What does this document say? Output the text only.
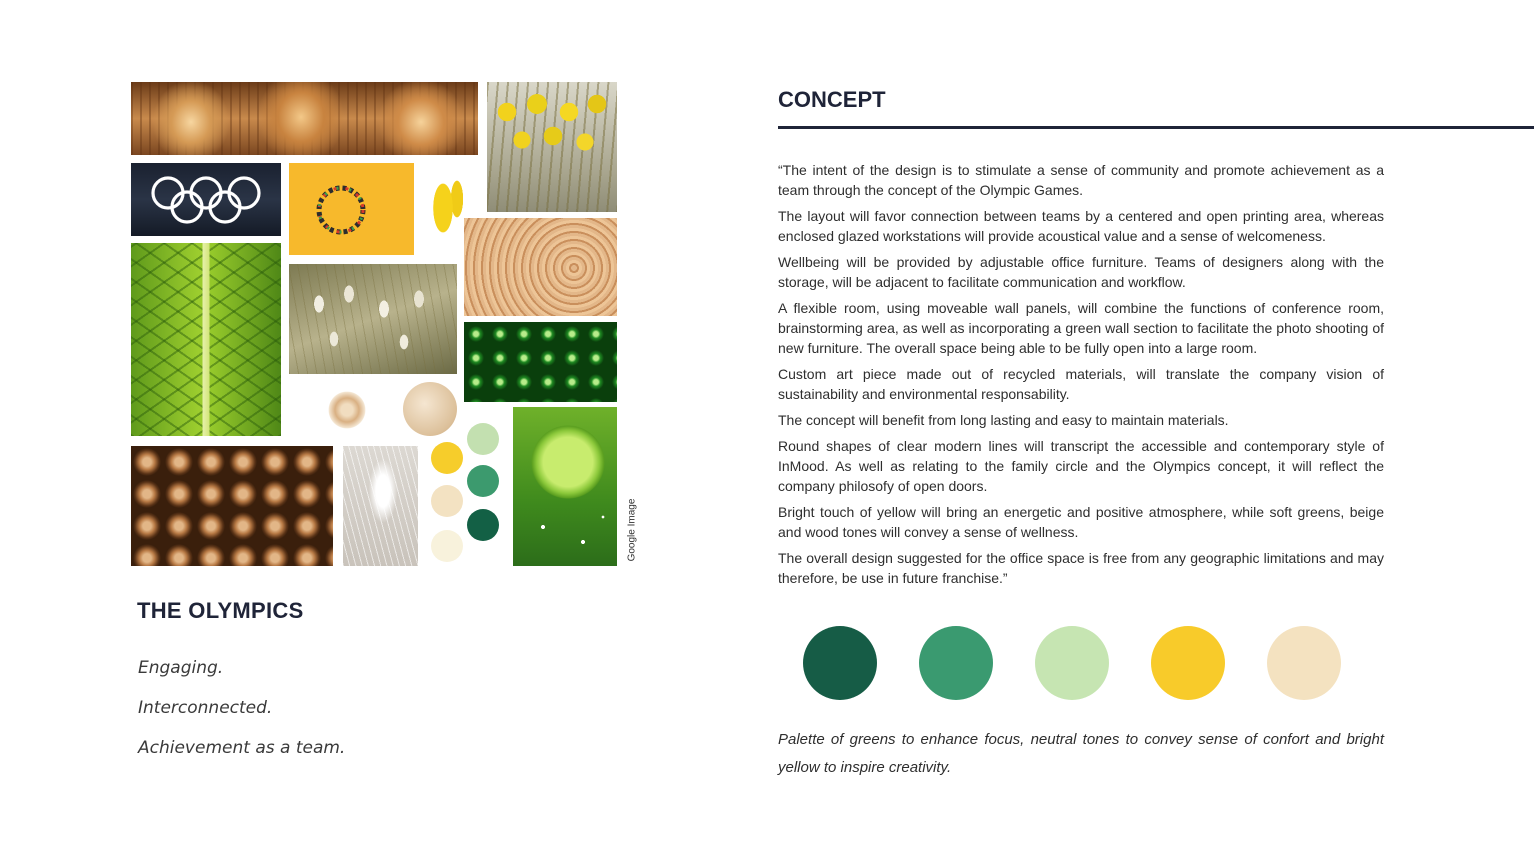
Google Image
THE OLYMPICS
Engaging.
Interconnected.
Achievement as a team.
CONCEPT

“The intent of the design is to stimulate a sense of community and promote achievement as a team through the concept of the Olympic Games.

The layout will favor connection between teams by a centered and open printing area, whereas enclosed glazed workstations will provide acoustical value and a sense of welcomeness.

Wellbeing will be provided by adjustable office furniture. Teams of designers along with the storage, will be adjacent to facilitate communication and workflow.

A flexible room, using moveable wall panels, will combine the functions of conference room, brainstorming area, as well as incorporating a green wall section to facilitate the photo shooting of new furniture. The overall space being able to be fully open into a large room.

Custom art piece made out of recycled materials, will translate the company vision of sustainability and environmental responsability.

The concept will benefit from long lasting and easy to maintain materials.

Round shapes of clear modern lines will transcript the accessible and contemporary style of InMood. As well as relating to the family circle and the Olympics concept, it will reflect the company philosofy of open doors.

Bright touch of yellow will bring an energetic and positive atmosphere, while soft greens, beige and wood tones will convey a sense of wellness.

The overall design suggested for the office space is free from any geographic limitations and may therefore, be use in future franchise.”

Palette of greens to enhance focus, neutral tones to convey sense of confort and bright yellow to inspire creativity.
